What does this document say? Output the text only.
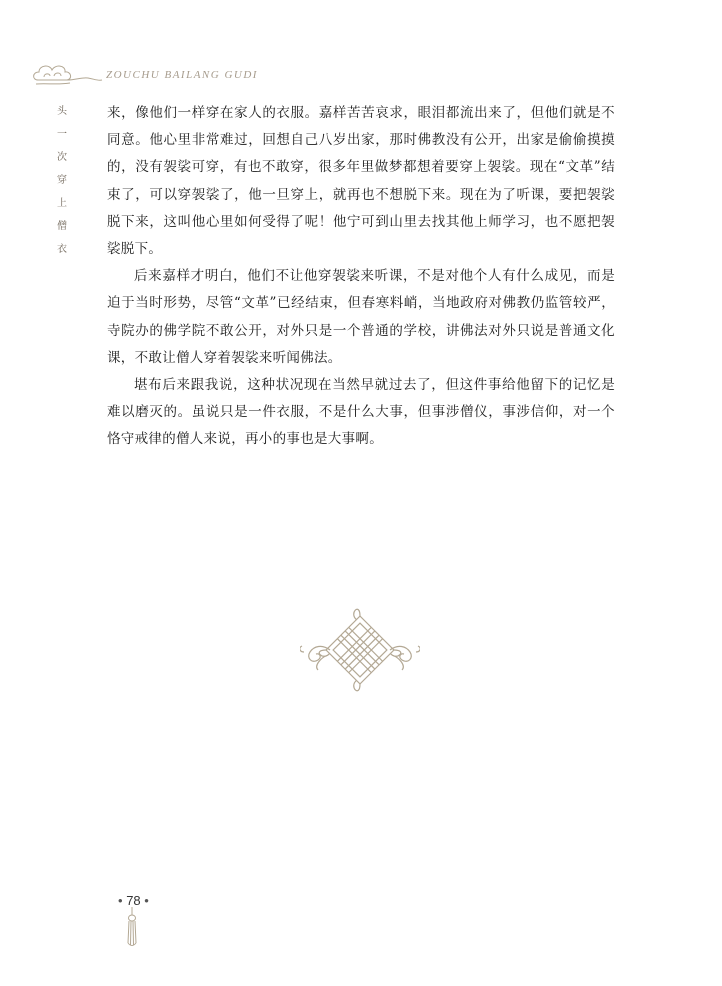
ZOUCHU BAILANG GUDI
头
一
次
穿
上
僧
衣

来，像他们一样穿在家人的衣服。嘉样苦苦哀求，眼泪都流出来了，但他们就是不同意。他心里非常难过，回想自己八岁出家，那时佛教没有公开，出家是偷偷摸摸的，没有袈裟可穿，有也不敢穿，很多年里做梦都想着要穿上袈裟。现在“文革”结束了，可以穿袈裟了，他一旦穿上，就再也不想脱下来。现在为了听课，要把袈裟脱下来，这叫他心里如何受得了呢！他宁可到山里去找其他上师学习，也不愿把袈裟脱下。

后来嘉样才明白，他们不让他穿袈裟来听课，不是对他个人有什么成见，而是迫于当时形势，尽管“文革”已经结束，但春寒料峭，当地政府对佛教仍监管较严，寺院办的佛学院不敢公开，对外只是一个普通的学校，讲佛法对外只说是普通文化课，不敢让僧人穿着袈裟来听闻佛法。

堪布后来跟我说，这种状况现在当然早就过去了，但这件事给他留下的记忆是难以磨灭的。虽说只是一件衣服，不是什么大事，但事涉僧仪，事涉信仰，对一个恪守戒律的僧人来说，再小的事也是大事啊。

• 78 •
